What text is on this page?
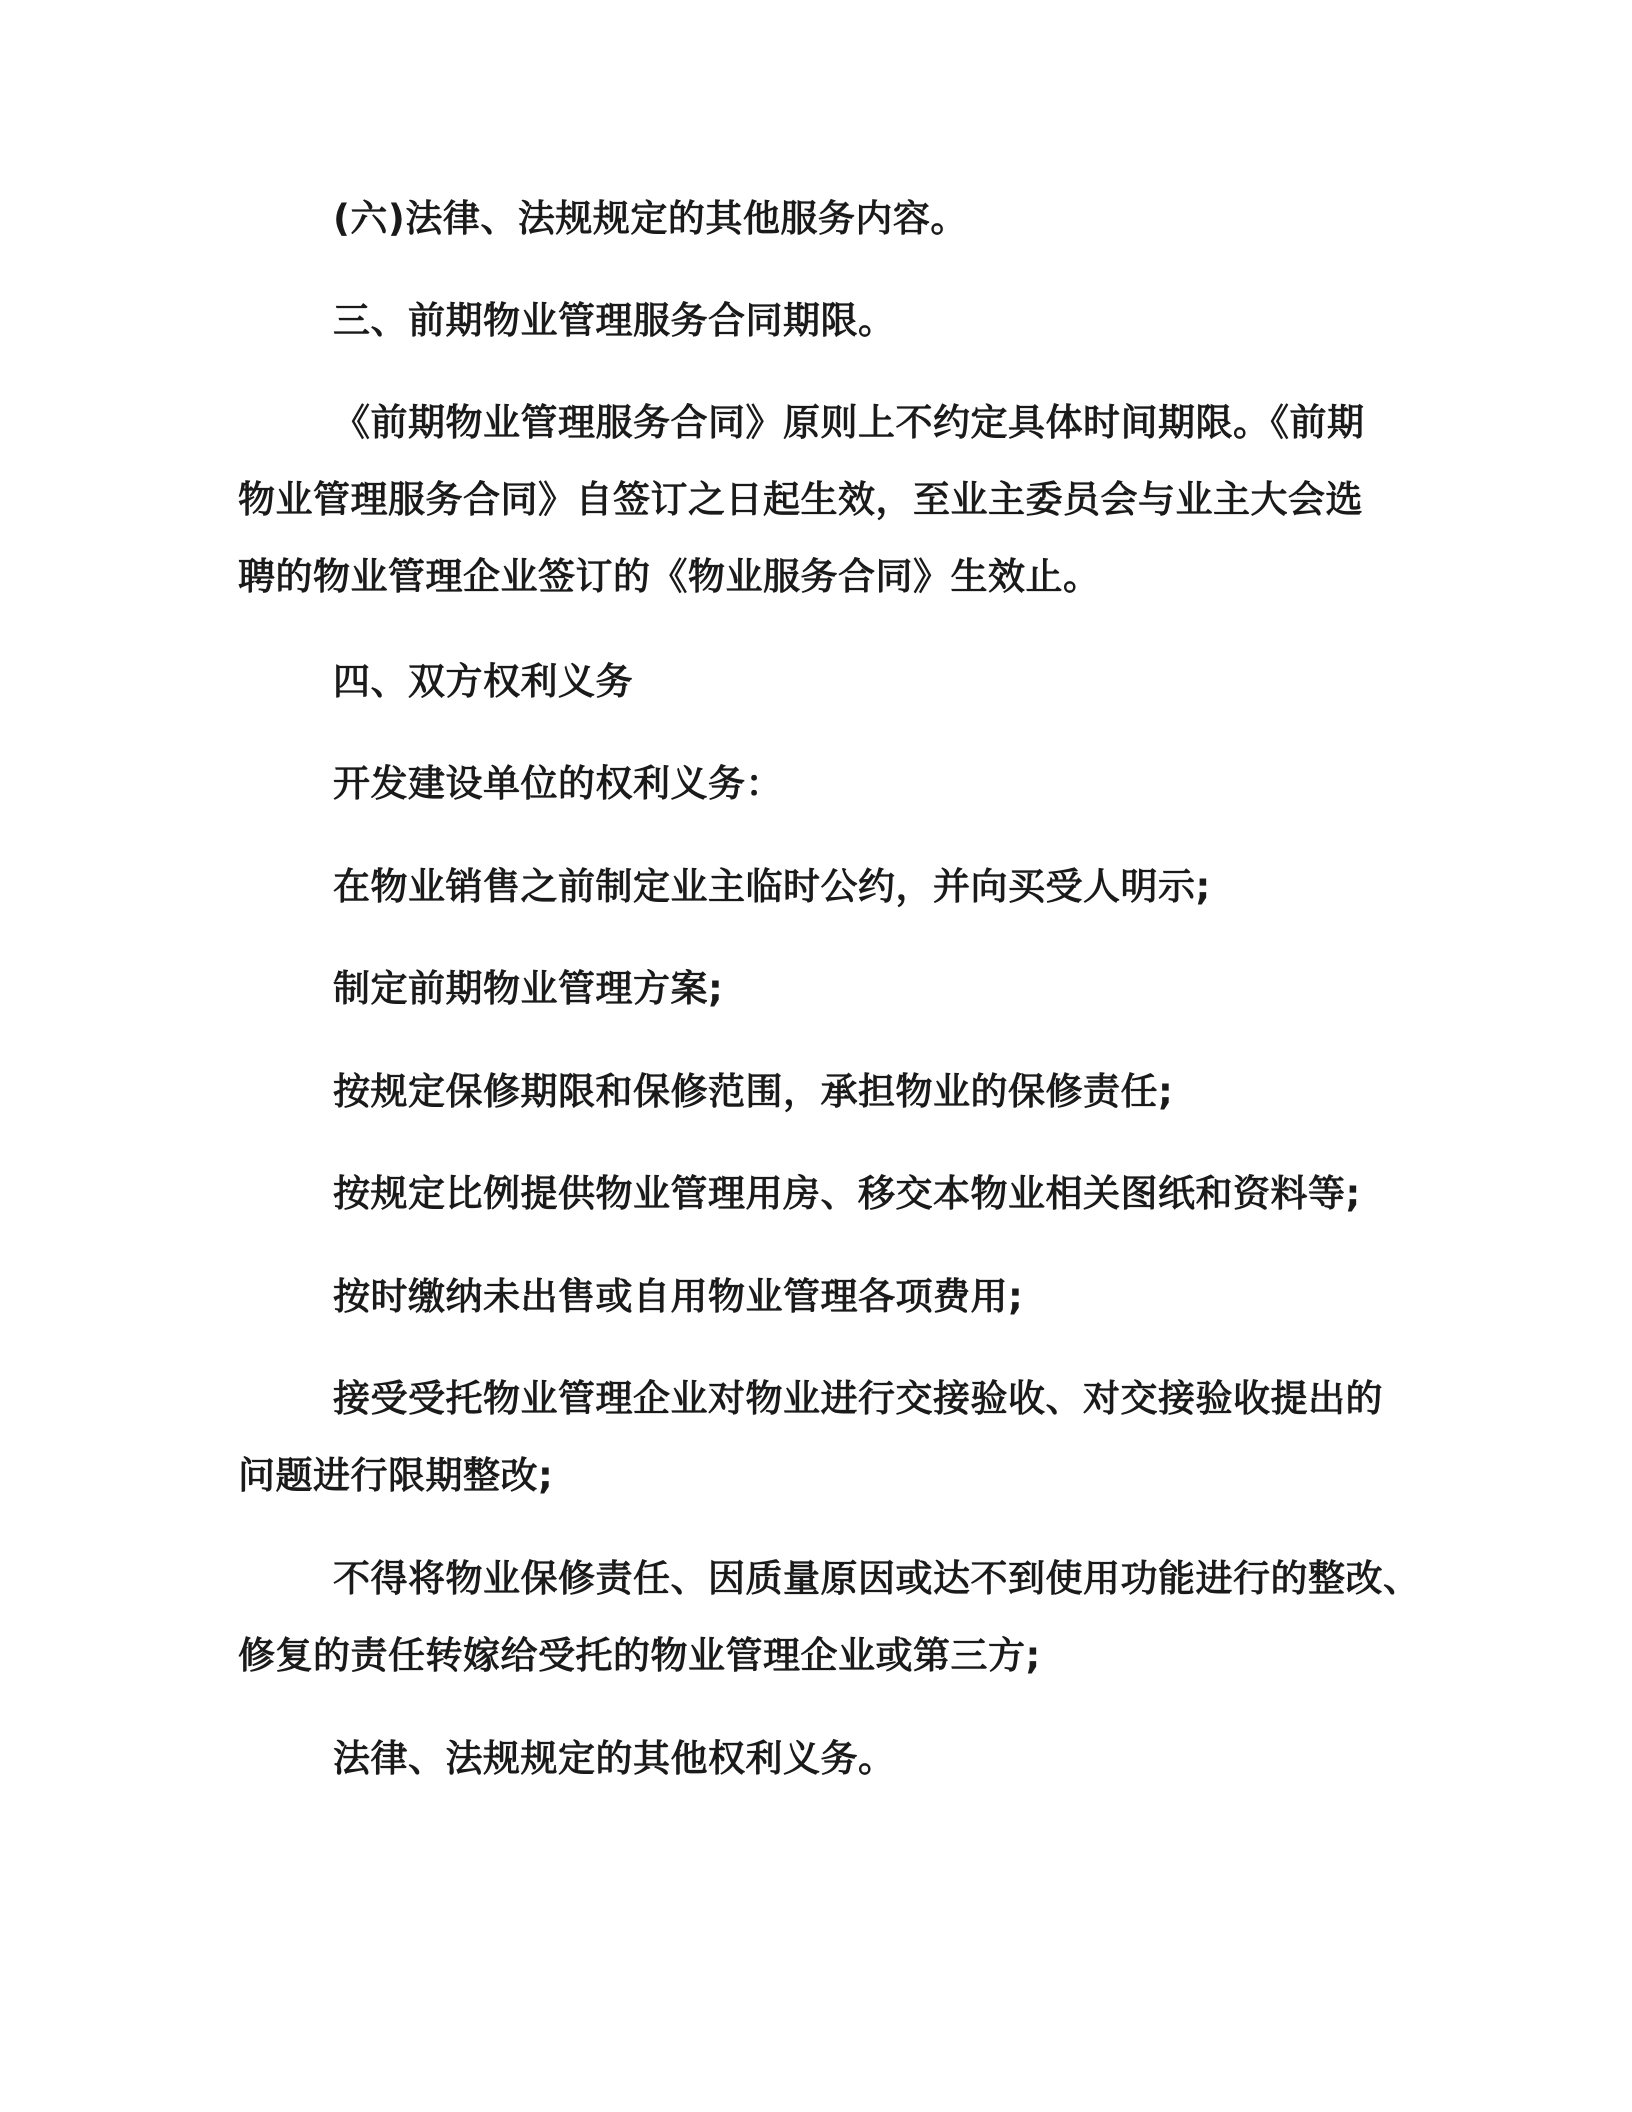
(六)法律、法规规定的其他服务内容。
三、前期物业管理服务合同期限。
《前期物业管理服务合同》原则上不约定具体时间期限。《前期
物业管理服务合同》自签订之日起生效，至业主委员会与业主大会选
聘的物业管理企业签订的《物业服务合同》生效止。
四、双方权利义务
开发建设单位的权利义务：
在物业销售之前制定业主临时公约，并向买受人明示;
制定前期物业管理方案;
按规定保修期限和保修范围，承担物业的保修责任;
按规定比例提供物业管理用房、移交本物业相关图纸和资料等;
按时缴纳未出售或自用物业管理各项费用;
接受受托物业管理企业对物业进行交接验收、对交接验收提出的
问题进行限期整改;
不得将物业保修责任、因质量原因或达不到使用功能进行的整改、
修复的责任转嫁给受托的物业管理企业或第三方;
法律、法规规定的其他权利义务。
